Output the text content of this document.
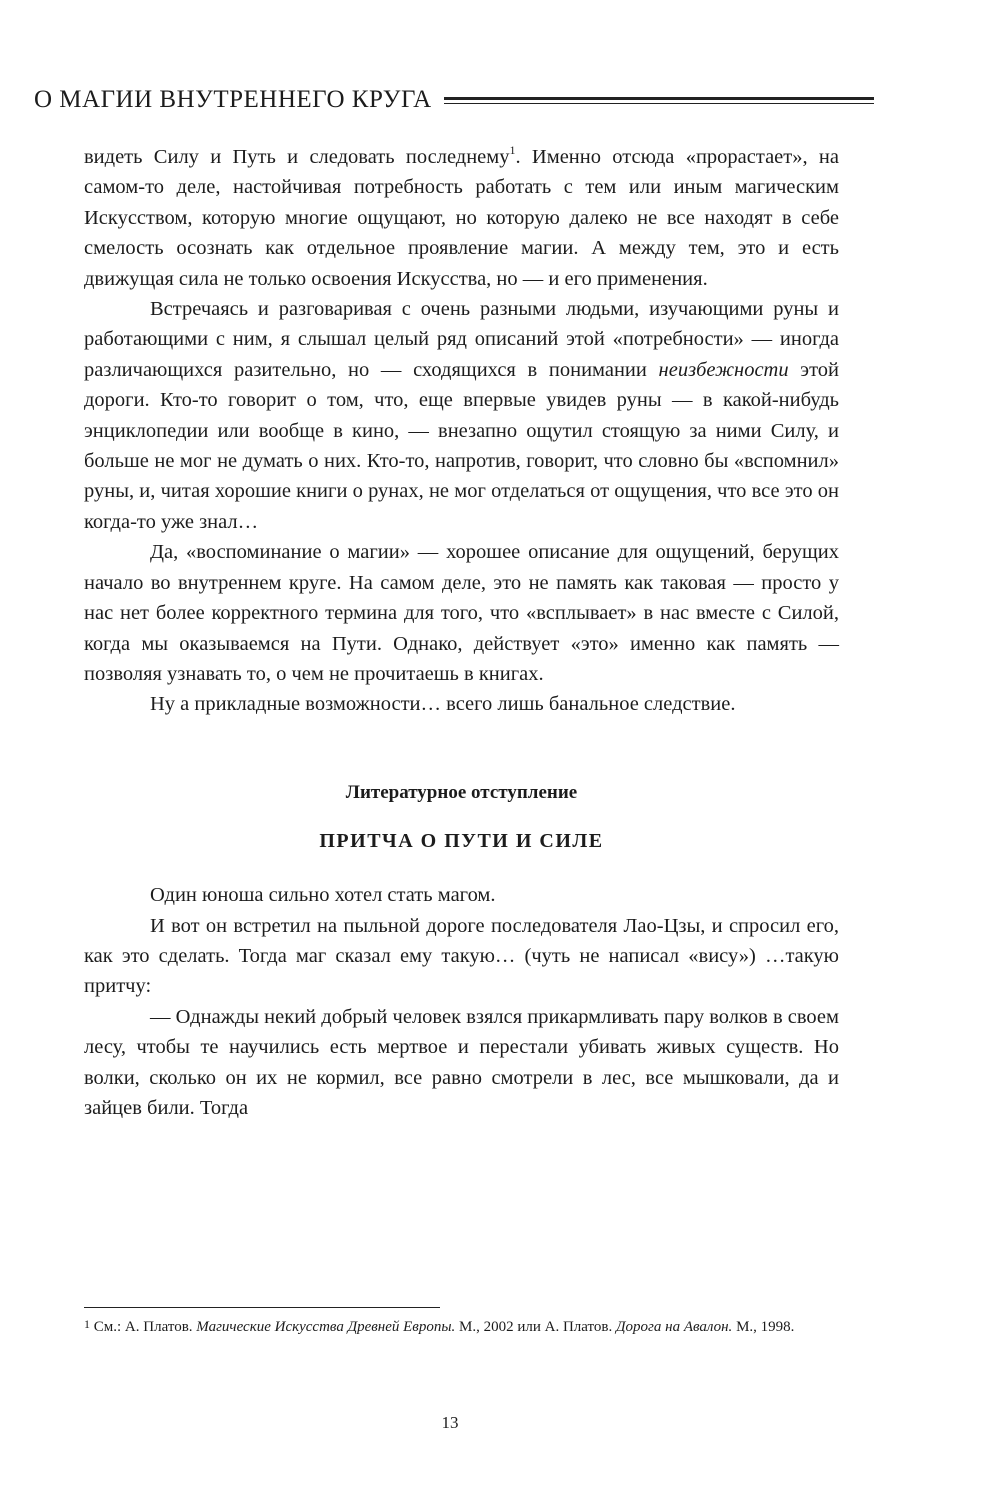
О МАГИИ ВНУТРЕННЕГО КРУГА

видеть Силу и Путь и следовать последнему$^1$. Именно отсюда «прорастает», на самом-то деле, настойчивая потребность работать с тем или иным магическим Искусством, которую многие ощущают, но которую далеко не все находят в себе смелость осознать как отдельное проявление магии. А между тем, это и есть движущая сила не только освоения Искусства, но — и его применения.

Встречаясь и разговаривая с очень разными людьми, изучающими руны и работающими с ним, я слышал целый ряд описаний этой «потребности» — иногда различающихся разительно, но — сходящихся в понимании неизбежности этой дороги. Кто-то говорит о том, что, еще впервые увидев руны — в какой-нибудь энциклопедии или вообще в кино, — внезапно ощутил стоящую за ними Силу, и больше не мог не думать о них. Кто-то, напротив, говорит, что словно бы «вспомнил» руны, и, читая хорошие книги о рунах, не мог отделаться от ощущения, что все это он когда-то уже знал…

Да, «воспоминание о магии» — хорошее описание для ощущений, берущих начало во внутреннем круге. На самом деле, это не память как таковая — просто у нас нет более корректного термина для того, что «всплывает» в нас вместе с Силой, когда мы оказываемся на Пути. Однако, действует «это» именно как память — позволяя узнавать то, о чем не прочитаешь в книгах.

Ну а прикладные возможности… всего лишь банальное следствие.

Литературное отступление
ПРИТЧА О ПУТИ И СИЛЕ

Один юноша сильно хотел стать магом.

И вот он встретил на пыльной дороге последователя Лао-Цзы, и спросил его, как это сделать. Тогда маг сказал ему такую… (чуть не написал «вису») …такую притчу:

— Однажды некий добрый человек взялся прикармливать пару волков в своем лесу, чтобы те научились есть мертвое и перестали убивать живых существ. Но волки, сколько он их не кормил, все равно смотрели в лес, все мышковали, да и зайцев били. Тогда

$^1$ См.: А. Платов. Магические Искусства Древней Европы. М., 2002 или А. Платов. Дорога на Авалон. М., 1998.
13
